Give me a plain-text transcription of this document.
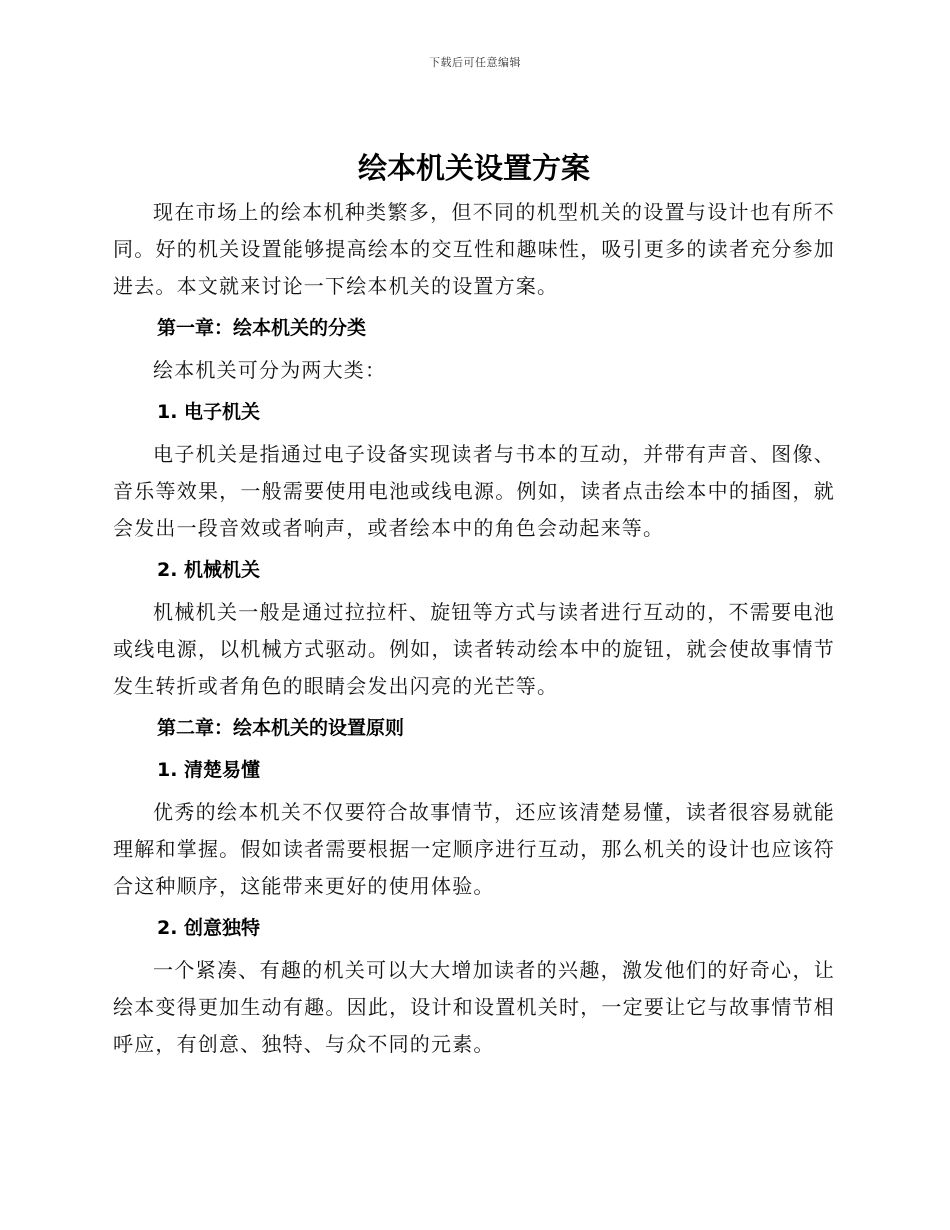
下载后可任意编辑
绘本机关设置方案

现在市场上的绘本机种类繁多，但不同的机型机关的设置与设计也有所不同。好的机关设置能够提高绘本的交互性和趣味性，吸引更多的读者充分参加进去。本文就来讨论一下绘本机关的设置方案。

第一章：绘本机关的分类

绘本机关可分为两大类：

1. 电子机关

电子机关是指通过电子设备实现读者与书本的互动，并带有声音、图像、音乐等效果，一般需要使用电池或线电源。例如，读者点击绘本中的插图，就会发出一段音效或者响声，或者绘本中的角色会动起来等。

2. 机械机关

机械机关一般是通过拉拉杆、旋钮等方式与读者进行互动的，不需要电池或线电源，以机械方式驱动。例如，读者转动绘本中的旋钮，就会使故事情节发生转折或者角色的眼睛会发出闪亮的光芒等。

第二章：绘本机关的设置原则
1. 清楚易懂

优秀的绘本机关不仅要符合故事情节，还应该清楚易懂，读者很容易就能理解和掌握。假如读者需要根据一定顺序进行互动，那么机关的设计也应该符合这种顺序，这能带来更好的使用体验。

2. 创意独特

一个紧凑、有趣的机关可以大大增加读者的兴趣，激发他们的好奇心，让绘本变得更加生动有趣。因此，设计和设置机关时，一定要让它与故事情节相呼应，有创意、独特、与众不同的元素。
